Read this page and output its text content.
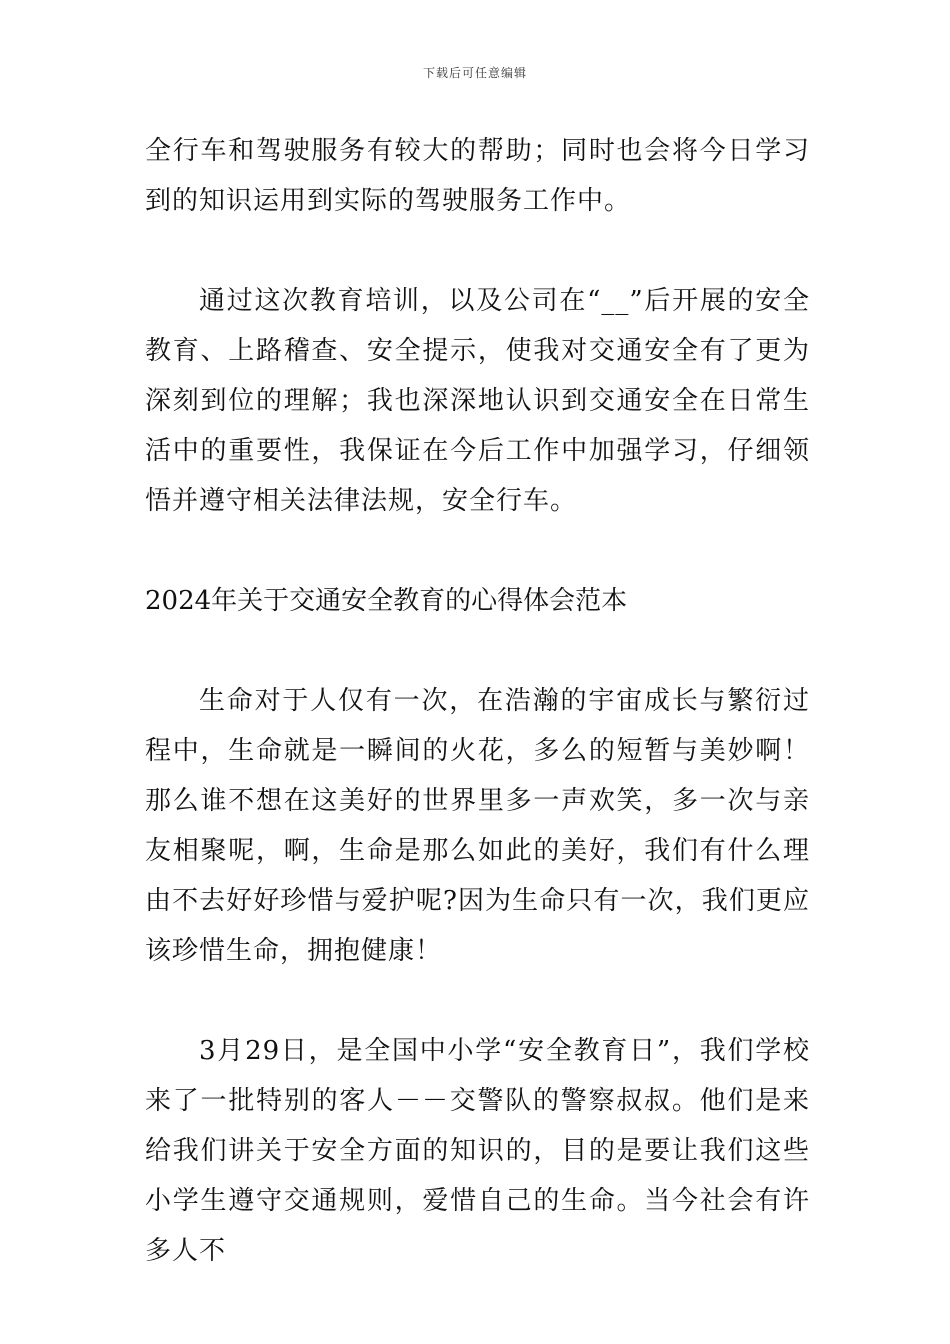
下载后可任意编辑

全行车和驾驶服务有较大的帮助；同时也会将今日学习到的知识运用到实际的驾驶服务工作中。

通过这次教育培训，以及公司在“__”后开展的安全教育、上路稽查、安全提示，使我对交通安全有了更为深刻到位的理解；我也深深地认识到交通安全在日常生活中的重要性，我保证在今后工作中加强学习，仔细领悟并遵守相关法律法规，安全行车。

2024年关于交通安全教育的心得体会范本

生命对于人仅有一次，在浩瀚的宇宙成长与繁衍过程中，生命就是一瞬间的火花，多么的短暂与美妙啊！那么谁不想在这美好的世界里多一声欢笑，多一次与亲友相聚呢，啊，生命是那么如此的美好，我们有什么理由不去好好珍惜与爱护呢?因为生命只有一次，我们更应该珍惜生命，拥抱健康！

3月29日，是全国中小学“安全教育日”，我们学校来了一批特别的客人－－交警队的警察叔叔。他们是来给我们讲关于安全方面的知识的，目的是要让我们这些小学生遵守交通规则，爱惜自己的生命。当今社会有许多人不
